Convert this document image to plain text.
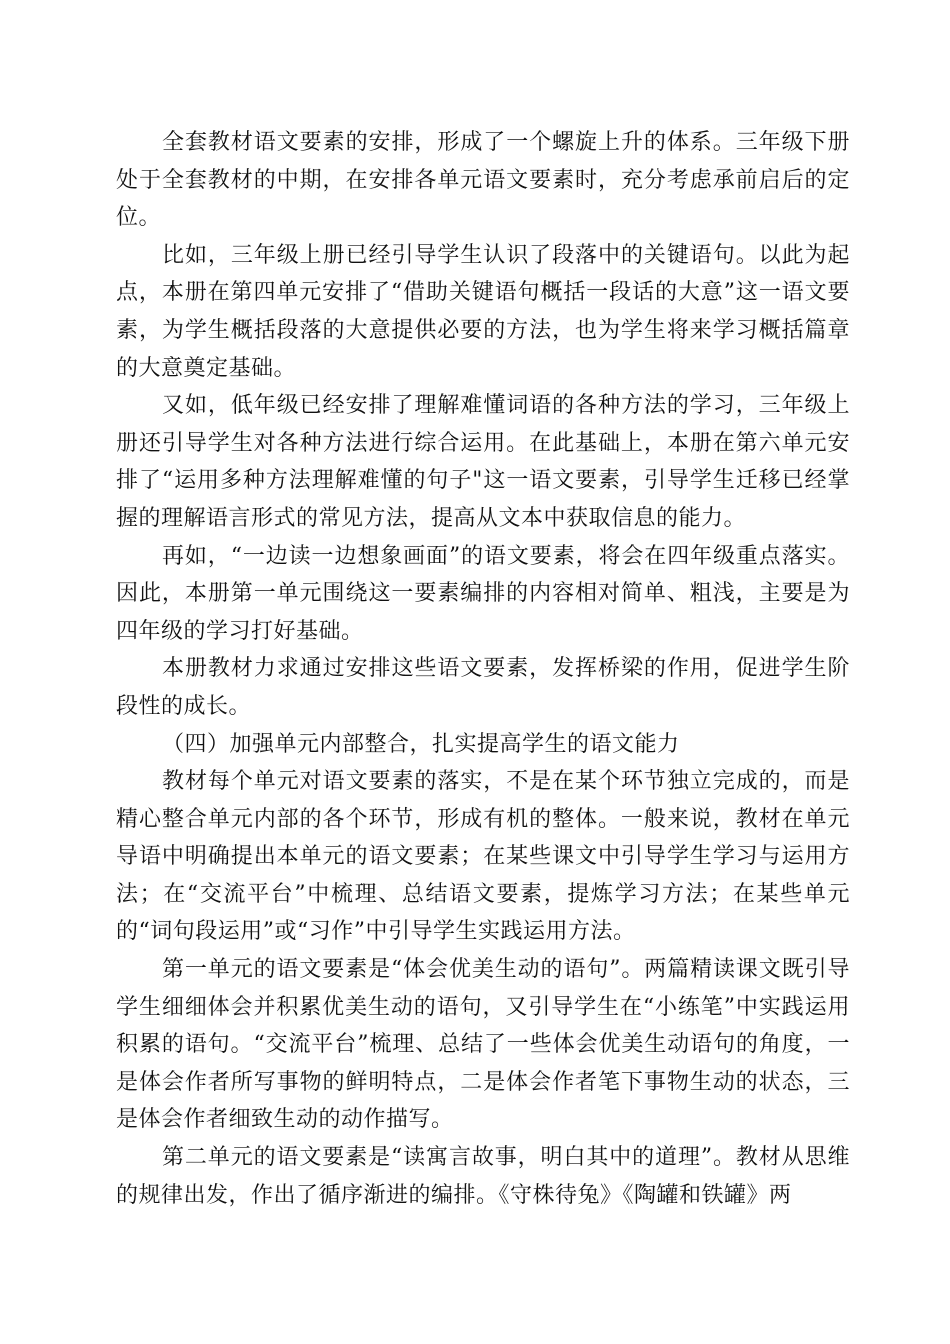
全套教材语文要素的安排，形成了一个螺旋上升的体系。三年级下册处于全套教材的中期，在安排各单元语文要素时，充分考虑承前启后的定位。

比如，三年级上册已经引导学生认识了段落中的关键语句。以此为起点，本册在第四单元安排了“借助关键语句概括一段话的大意”这一语文要素，为学生概括段落的大意提供必要的方法，也为学生将来学习概括篇章的大意奠定基础。

又如，低年级已经安排了理解难懂词语的各种方法的学习，三年级上册还引导学生对各种方法进行综合运用。在此基础上，本册在第六单元安排了“运用多种方法理解难懂的句子"这一语文要素，引导学生迁移已经掌握的理解语言形式的常见方法，提高从文本中获取信息的能力。

再如，“一边读一边想象画面”的语文要素，将会在四年级重点落实。因此，本册第一单元围绕这一要素编排的内容相对简单、粗浅，主要是为四年级的学习打好基础。

本册教材力求通过安排这些语文要素，发挥桥梁的作用，促进学生阶段性的成长。

（四）加强单元内部整合，扎实提高学生的语文能力

教材每个单元对语文要素的落实，不是在某个环节独立完成的，而是精心整合单元内部的各个环节，形成有机的整体。一般来说，教材在单元导语中明确提出本单元的语文要素；在某些课文中引导学生学习与运用方法；在“交流平台”中梳理、总结语文要素，提炼学习方法；在某些单元的“词句段运用”或“习作”中引导学生实践运用方法。

第一单元的语文要素是“体会优美生动的语句”。两篇精读课文既引导学生细细体会并积累优美生动的语句，又引导学生在“小练笔”中实践运用积累的语句。“交流平台”梳理、总结了一些体会优美生动语句的角度，一是体会作者所写事物的鲜明特点，二是体会作者笔下事物生动的状态，三是体会作者细致生动的动作描写。

第二单元的语文要素是“读寓言故事，明白其中的道理”。教材从思维的规律出发，作出了循序渐进的编排。《守株待兔》《陶罐和铁罐》两
